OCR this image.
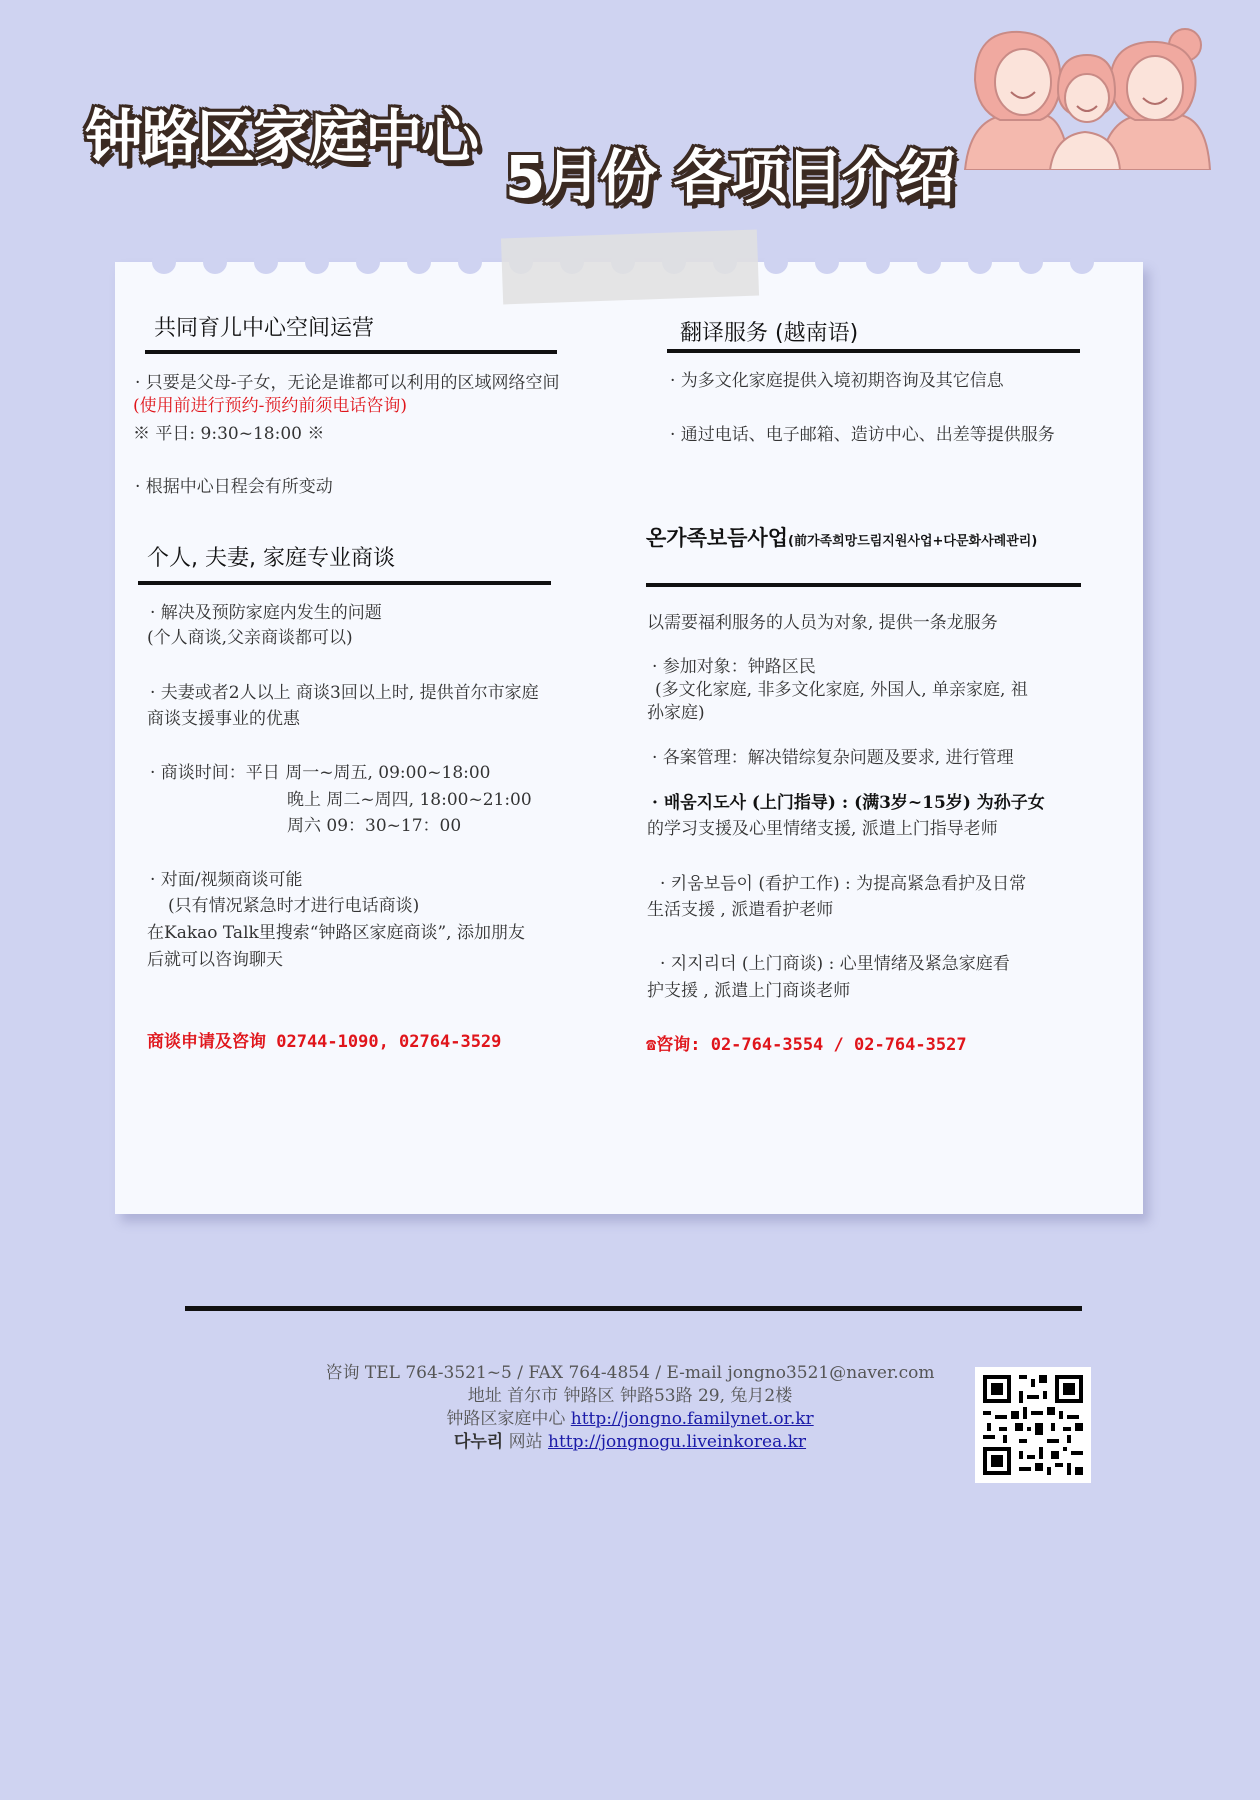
钟路区家庭中心
5月份 各项目介绍
共同育儿中心空间运营
· 只要是父母-子女，无论是谁都可以利用的区域网络空间
(使用前进行预约-预约前须电话咨询)
※ 平日: 9:30~18:00 ※
· 根据中心日程会有所变动
个人, 夫妻, 家庭专业商谈
· 解决及预防家庭内发生的问题
(个人商谈,父亲商谈都可以)
· 夫妻或者2人以上 商谈3回以上时, 提供首尔市家庭
商谈支援事业的优惠
· 商谈时间：平日 周一~周五, 09:00~18:00
晚上 周二~周四, 18:00~21:00
周六 09：30~17：00
· 对面/视频商谈可能
(只有情况紧急时才进行电话商谈)
在Kakao Talk里搜索“钟路区家庭商谈”, 添加朋友
后就可以咨询聊天
商谈申请及咨询 02744-1090, 02764-3529
翻译服务 (越南语)
· 为多文化家庭提供入境初期咨询及其它信息
· 通过电话、电子邮箱、造访中心、出差等提供服务
온가족보듬사업(前가족희망드림지원사업+다문화사례관리)
以需要福利服务的人员为对象, 提供一条龙服务
· 参加对象：钟路区民
(多文化家庭, 非多文化家庭, 外国人, 单亲家庭, 祖
孙家庭)
· 各案管理：解决错综复杂问题及要求, 进行管理
· 배움지도사 (上门指导) : (满3岁~15岁) 为孙子女
的学习支援及心里情绪支援, 派遣上门指导老师
· 키움보듬이 (看护工作) : 为提高紧急看护及日常
生活支援 , 派遣看护老师
· 지지리더 (上门商谈) : 心里情绪及紧急家庭看
护支援 , 派遣上门商谈老师
☎咨询: 02-764-3554 / 02-764-3527
咨询 TEL 764-3521~5 / FAX 764-4854 / E-mail jongno3521@naver.com
地址 首尔市 钟路区 钟路53路 29, 兔月2楼
钟路区家庭中心 http://jongno.familynet.or.kr
다누리 网站 http://jongnogu.liveinkorea.kr
